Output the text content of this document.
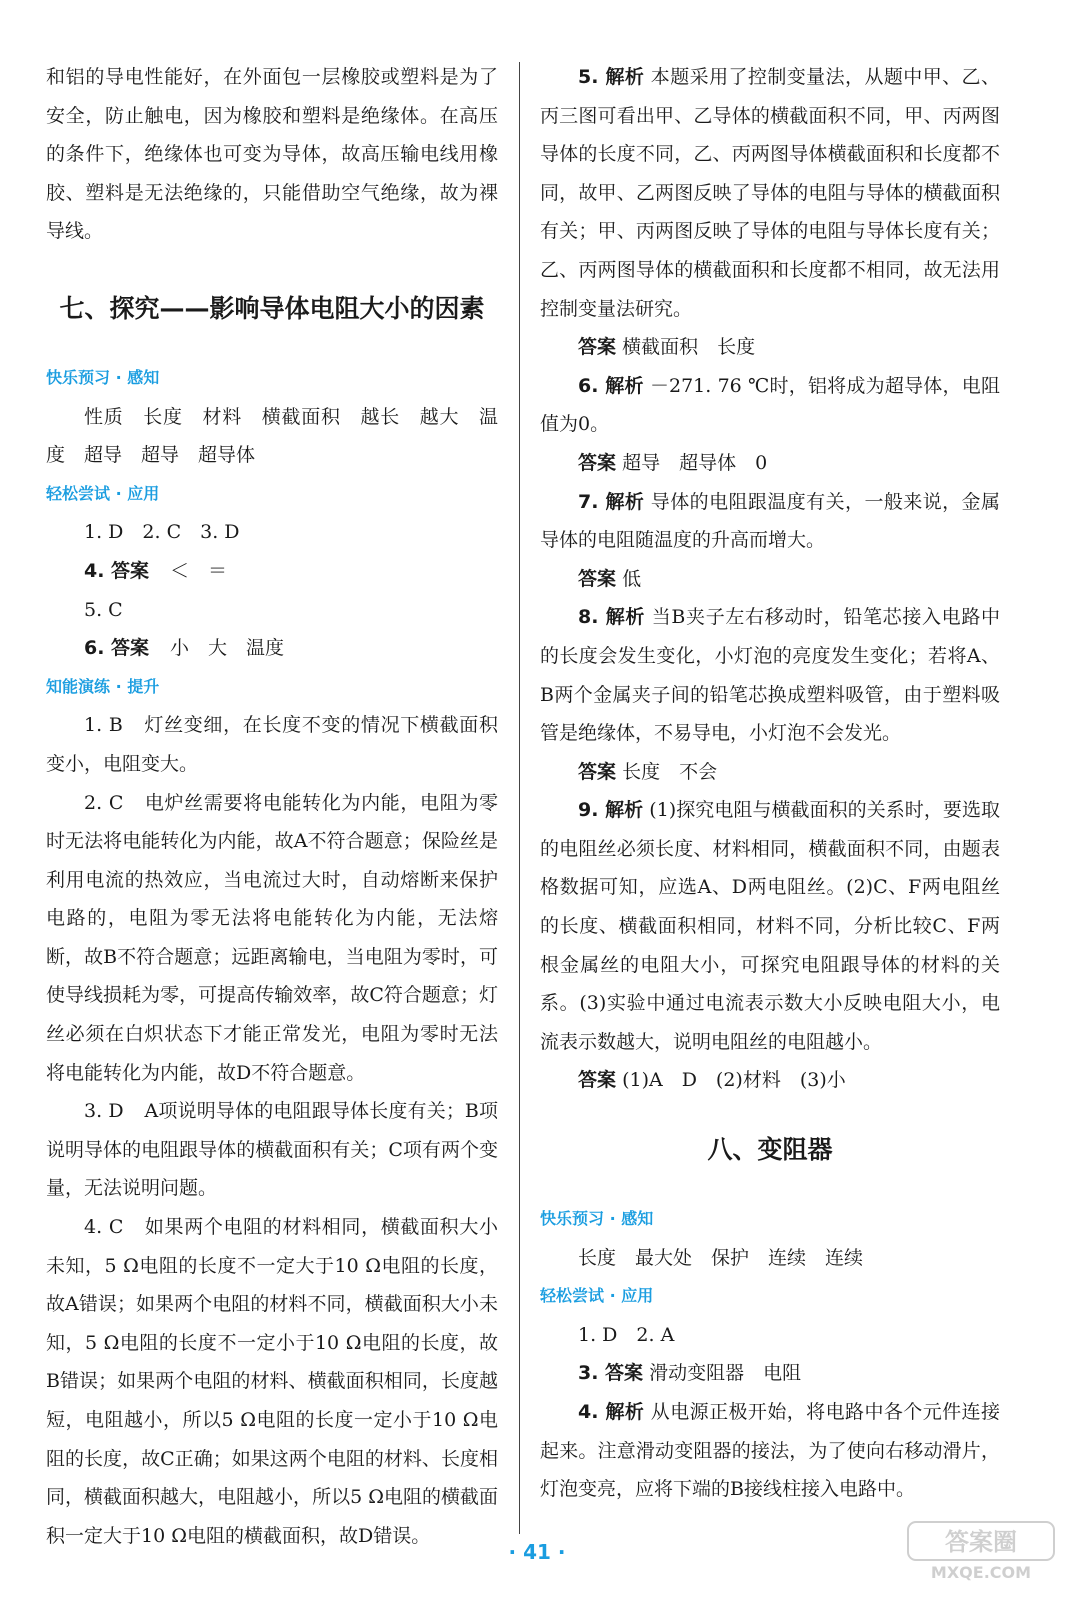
和铝的导电性能好，在外面包一层橡胶或塑料是为了安全，防止触电，因为橡胶和塑料是绝缘体。在高压的条件下，绝缘体也可变为导体，故高压输电线用橡胶、塑料是无法绝缘的，只能借助空气绝缘，故为裸导线。

七、探究——影响导体电阻大小的因素

快乐预习 · 感知

性质　长度　材料　横截面积　越长　越大　温度　超导　超导　超导体

轻松尝试 · 应用

1. D　2. C　3. D

4. 答案 ＜　＝

5. C

6. 答案 小　大　温度

知能演练 · 提升

1. B 灯丝变细，在长度不变的情况下横截面积变小，电阻变大。

2. C 电炉丝需要将电能转化为内能，电阻为零时无法将电能转化为内能，故A不符合题意；保险丝是利用电流的热效应，当电流过大时，自动熔断来保护电路的，电阻为零无法将电能转化为内能，无法熔断，故B不符合题意；远距离输电，当电阻为零时，可使导线损耗为零，可提高传输效率，故C符合题意；灯丝必须在白炽状态下才能正常发光，电阻为零时无法将电能转化为内能，故D不符合题意。

3. D A项说明导体的电阻跟导体长度有关；B项说明导体的电阻跟导体的横截面积有关；C项有两个变量，无法说明问题。

4. C 如果两个电阻的材料相同，横截面积大小未知，5 Ω电阻的长度不一定大于10 Ω电阻的长度，故A错误；如果两个电阻的材料不同，横截面积大小未知，5 Ω电阻的长度不一定小于10 Ω电阻的长度，故B错误；如果两个电阻的材料、横截面积相同，长度越短，电阻越小，所以5 Ω电阻的长度一定小于10 Ω电阻的长度，故C正确；如果这两个电阻的材料、长度相同，横截面积越大，电阻越小，所以5 Ω电阻的横截面积一定大于10 Ω电阻的横截面积，故D错误。

5. 解析 本题采用了控制变量法，从题中甲、乙、丙三图可看出甲、乙导体的横截面积不同，甲、丙两图导体的长度不同，乙、丙两图导体横截面积和长度都不同，故甲、乙两图反映了导体的电阻与导体的横截面积有关；甲、丙两图反映了导体的电阻与导体长度有关；乙、丙两图导体的横截面积和长度都不相同，故无法用控制变量法研究。

答案 横截面积　长度

6. 解析 －271. 76 ℃时，铝将成为超导体，电阻值为0。

答案 超导　超导体　0

7. 解析 导体的电阻跟温度有关，一般来说，金属导体的电阻随温度的升高而增大。

答案 低

8. 解析 当B夹子左右移动时，铅笔芯接入电路中的长度会发生变化，小灯泡的亮度发生变化；若将A、B两个金属夹子间的铅笔芯换成塑料吸管，由于塑料吸管是绝缘体，不易导电，小灯泡不会发光。

答案 长度　不会

9. 解析 (1)探究电阻与横截面积的关系时，要选取的电阻丝必须长度、材料相同，横截面积不同，由题表格数据可知，应选A、D两电阻丝。(2)C、F两电阻丝的长度、横截面积相同，材料不同，分析比较C、F两根金属丝的电阻大小，可探究电阻跟导体的材料的关系。(3)实验中通过电流表示数大小反映电阻大小，电流表示数越大，说明电阻丝的电阻越小。

答案 (1)A　D　(2)材料　(3)小

八、变阻器

快乐预习 · 感知

长度　最大处　保护　连续　连续

轻松尝试 · 应用

1. D　2. A

3. 答案 滑动变阻器　电阻

4. 解析 从电源正极开始，将电路中各个元件连接起来。注意滑动变阻器的接法，为了使向右移动滑片，灯泡变亮，应将下端的B接线柱接入电路中。

· 41 ·	答案圈
MXQE.COM
